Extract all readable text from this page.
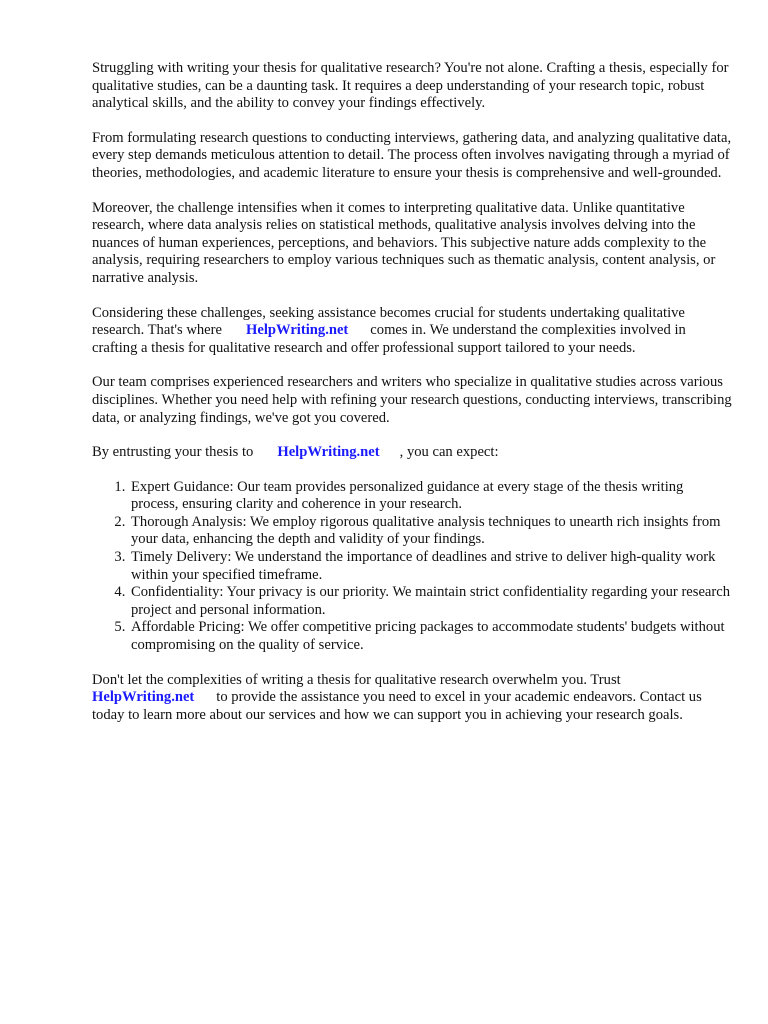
Struggling with writing your thesis for qualitative research? You're not alone. Crafting a thesis, especially for qualitative studies, can be a daunting task. It requires a deep understanding of your research topic, robust analytical skills, and the ability to convey your findings effectively.

From formulating research questions to conducting interviews, gathering data, and analyzing qualitative data, every step demands meticulous attention to detail. The process often involves navigating through a myriad of theories, methodologies, and academic literature to ensure your thesis is comprehensive and well-grounded.

Moreover, the challenge intensifies when it comes to interpreting qualitative data. Unlike quantitative research, where data analysis relies on statistical methods, qualitative analysis involves delving into the nuances of human experiences, perceptions, and behaviors. This subjective nature adds complexity to the analysis, requiring researchers to employ various techniques such as thematic analysis, content analysis, or narrative analysis.

Considering these challenges, seeking assistance becomes crucial for students undertaking qualitative research. That's where HelpWriting.net comes in. We understand the complexities involved in crafting a thesis for qualitative research and offer professional support tailored to your needs.

Our team comprises experienced researchers and writers who specialize in qualitative studies across various disciplines. Whether you need help with refining your research questions, conducting interviews, transcribing data, or analyzing findings, we've got you covered.

By entrusting your thesis to HelpWriting.net , you can expect:

1. Expert Guidance: Our team provides personalized guidance at every stage of the thesis writing process, ensuring clarity and coherence in your research.
2. Thorough Analysis: We employ rigorous qualitative analysis techniques to unearth rich insights from your data, enhancing the depth and validity of your findings.
3. Timely Delivery: We understand the importance of deadlines and strive to deliver high-quality work within your specified timeframe.
4. Confidentiality: Your privacy is our priority. We maintain strict confidentiality regarding your research project and personal information.
5. Affordable Pricing: We offer competitive pricing packages to accommodate students' budgets without compromising on the quality of service.

Don't let the complexities of writing a thesis for qualitative research overwhelm you. Trust
HelpWriting.net to provide the assistance you need to excel in your academic endeavors. Contact us today to learn more about our services and how we can support you in achieving your research goals.
